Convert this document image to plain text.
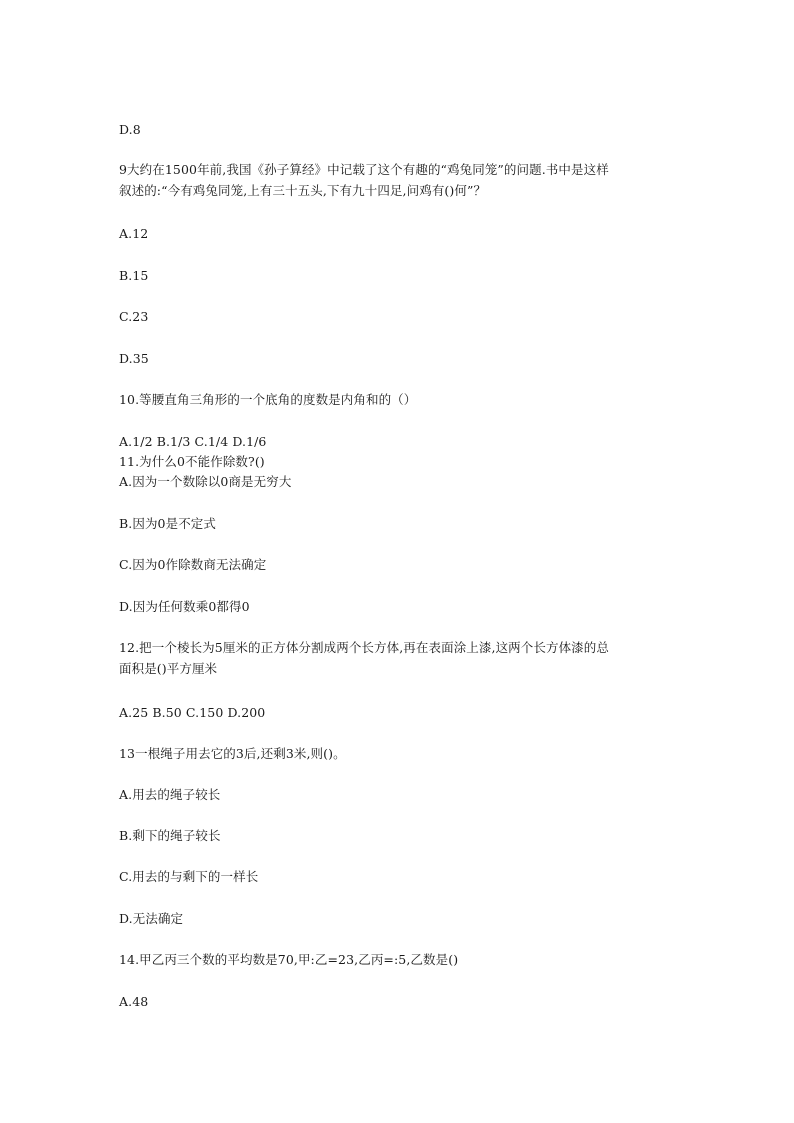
D.8

9大约在1500年前,我国《孙子算经》中记载了这个有趣的“鸡兔同笼”的问题.书中是这样

叙述的:“今有鸡兔同笼,上有三十五头,下有九十四足,问鸡有()何”？

A.12

B.15

C.23

D.35

10.等腰直角三角形的一个底角的度数是内角和的（）

A.1/2 B.1/3 C.1/4 D.1/6

11.为什么0不能作除数?()

A.因为一个数除以0商是无穷大

B.因为0是不定式

C.因为0作除数商无法确定

D.因为任何数乘0都得0

12.把一个棱长为5厘米的正方体分割成两个长方体,再在表面涂上漆,这两个长方体漆的总

面积是()平方厘米

A.25 B.50 C.150 D.200

13一根绳子用去它的3后,还剩3米,则()。

A.用去的绳子较长

B.剩下的绳子较长

C.用去的与剩下的一样长

D.无法确定

14.甲乙丙三个数的平均数是70,甲:乙=23,乙丙=:5,乙数是()

A.48
